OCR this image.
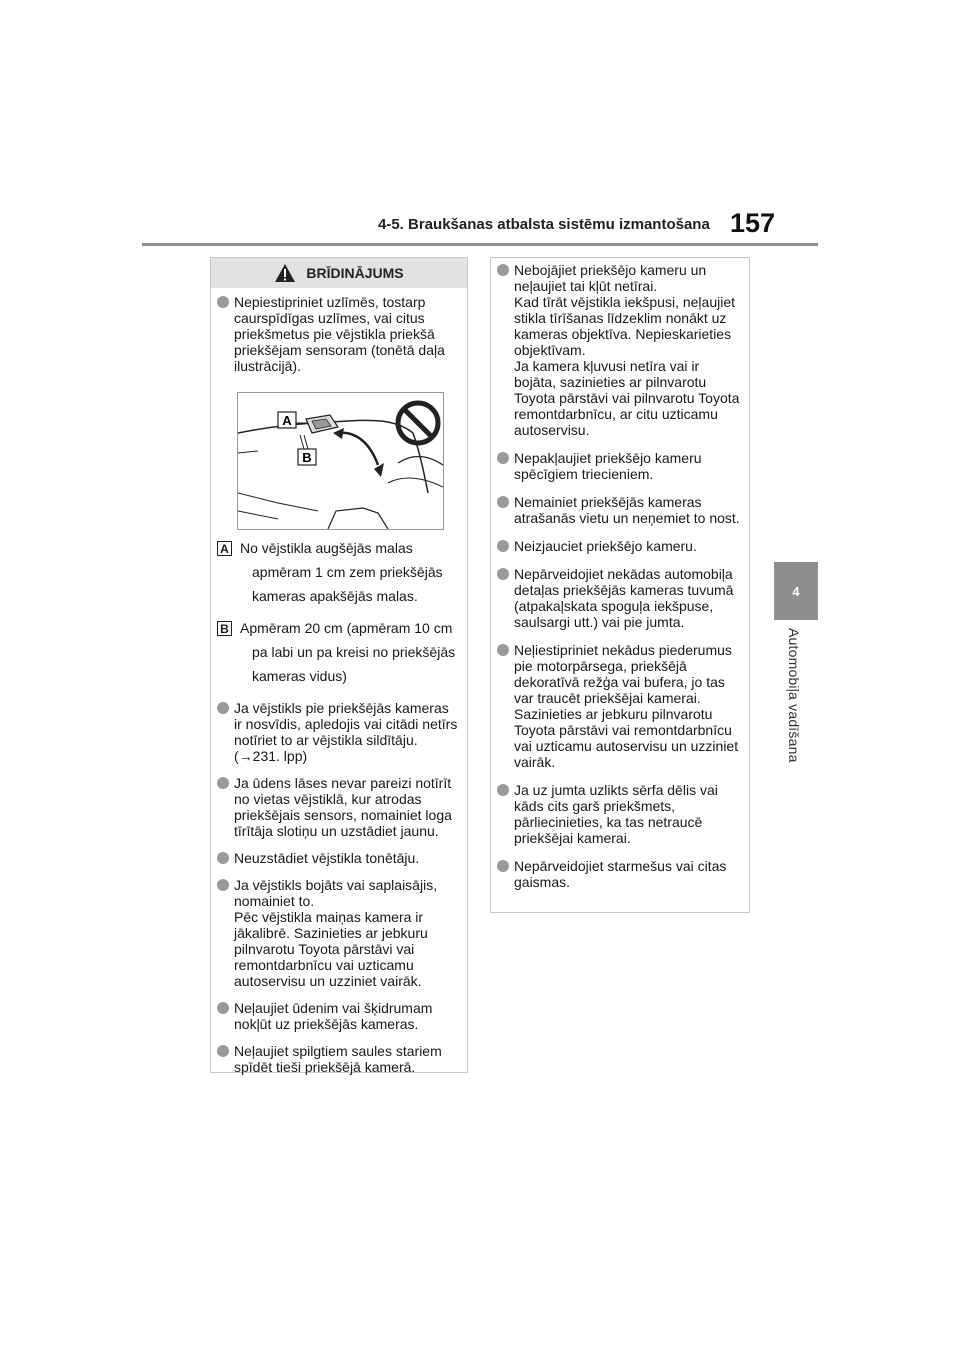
4-5. Braukšanas atbalsta sistēmu izmantošana 157
4
Automobiļa vadīšana
BRĪDINĀJUMS
Nepiestipriniet uzlīmēs, tostarp caurspīdīgas uzlīmes, vai citus priekšmetus pie vējstikla priekšā priekšējam sensoram (tonētā daļa ilustrācijā).
A
B
A No vējstikla augšējās malas
apmēram 1 cm zem priekšējās
kameras apakšējās malas.
B Apmēram 20 cm (apmēram 10 cm
pa labi un pa kreisi no priekšējās
kameras vidus)
Ja vējstikls pie priekšējās kameras ir nosvīdis, apledojis vai citādi netīrs notīriet to ar vējstikla sildītāju. (→231. lpp)
Ja ūdens lāses nevar pareizi notīrīt no vietas vējstiklā, kur atrodas priekšējais sensors, nomainiet loga tīrītāja slotiņu un uzstādiet jaunu.
Neuzstādiet vējstikla tonētāju.
Ja vējstikls bojāts vai saplaisājis, nomainiet to.
Pēc vējstikla maiņas kamera ir jākalibrē. Sazinieties ar jebkuru pilnvarotu Toyota pārstāvi vai remontdarbnīcu vai uzticamu autoservisu un uzziniet vairāk.
Neļaujiet ūdenim vai šķidrumam nokļūt uz priekšējās kameras.
Neļaujiet spilgtiem saules stariem spīdēt tieši priekšējā kamerā.
Nebojājiet priekšējo kameru un neļaujiet tai kļūt netīrai.
Kad tīrāt vējstikla iekšpusi, neļaujiet stikla tīrīšanas līdzeklim nonākt uz kameras objektīva. Nepieskarieties objektīvam.
Ja kamera kļuvusi netīra vai ir bojāta, sazinieties ar pilnvarotu Toyota pārstāvi vai pilnvarotu Toyota remontdarbnīcu, ar citu uzticamu autoservisu.
Nepakļaujiet priekšējo kameru spēcīgiem triecieniem.
Nemainiet priekšējās kameras atrašanās vietu un neņemiet to nost.
Neizjauciet priekšējo kameru.
Nepārveidojiet nekādas automobiļa detaļas priekšējās kameras tuvumā (atpakaļskata spoguļa iekšpuse, saulsargi utt.) vai pie jumta.
Neļiestipriniet nekādus piederumus pie motorpārsega, priekšējā dekoratīvā režģa vai bufera, jo tas var traucēt priekšējai kamerai.
Sazinieties ar jebkuru pilnvarotu Toyota pārstāvi vai remontdarbnīcu vai uzticamu autoservisu un uzziniet vairāk.
Ja uz jumta uzlikts sērfa dēlis vai kāds cits garš priekšmets, pārliecinieties, ka tas netraucē priekšējai kamerai.
Nepārveidojiet starmešus vai citas gaismas.
